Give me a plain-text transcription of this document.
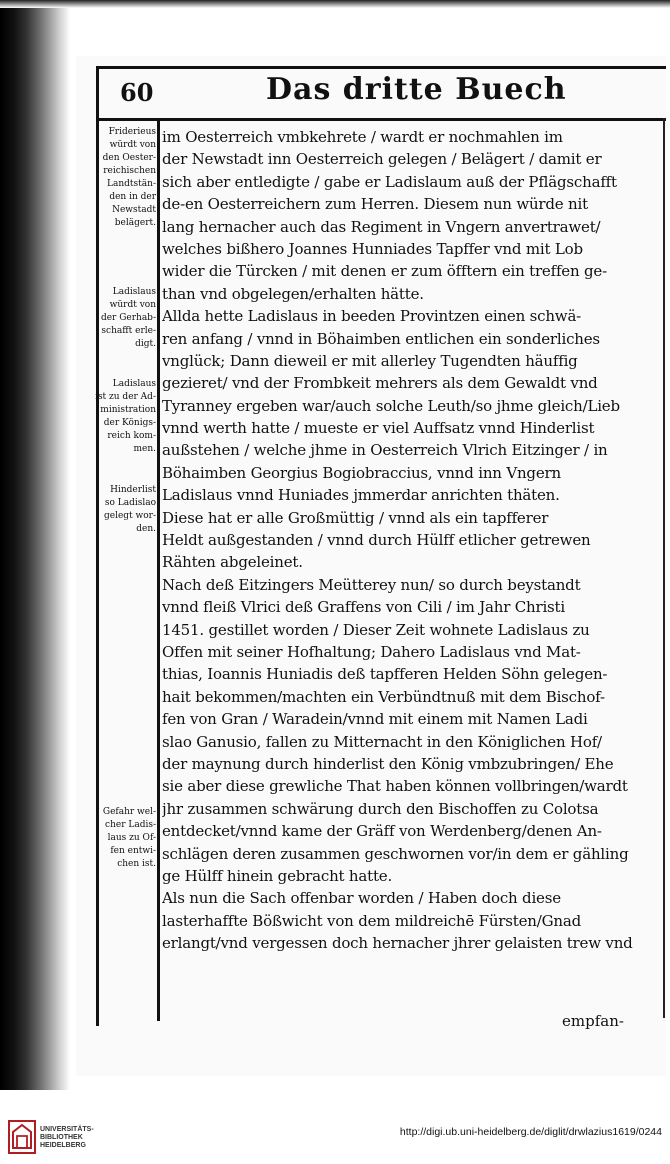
60	Das dritte Buech
Friderieus
würdt von
den Oester-
reichischen
Landtstän-
den in der
Newstadt
belägert.
Ladislaus
würdt von
der Gerhab-
schafft erle-
digt.
Ladislaus
ist zu der Ad-
ministration
der Königs-
reich kom-
men.
Hinderlist
so Ladislao
gelegt wor-
den.
Gefahr wel-
cher Ladis-
laus zu Of-
fen entwi-
chen ist.
im Oesterreich vmbkehrete / wardt er nochmahlen im
der Newstadt inn Oesterreich gelegen / Belägert / damit er
sich aber entledigte / gabe er Ladislaum auß der Pflägschafft
de-en Oesterreichern zum Herren. Diesem nun würde nit
lang hernacher auch das Regiment in Vngern anvertrawet/
welches bißhero Joannes Hunniades Tapffer vnd mit Lob
wider die Türcken / mit denen er zum öfftern ein treffen ge-
than vnd obgelegen/erhalten hätte.
Allda hette Ladislaus in beeden Provintzen einen schwä-
ren anfang / vnnd in Böhaimben entlichen ein sonderliches
vnglück; Dann dieweil er mit allerley Tugendten häuffig
gezieret/ vnd der Frombkeit mehrers als dem Gewaldt vnd
Tyranney ergeben war/auch solche Leuth/so jhme gleich/Lieb
vnnd werth hatte / mueste er viel Auffsatz vnnd Hinderlist
außstehen / welche jhme in Oesterreich Vlrich Eitzinger / in
Böhaimben Georgius Bogiobraccius, vnnd inn Vngern
Ladislaus vnnd Huniades jmmerdar anrichten thäten.
Diese hat er alle Großmüttig / vnnd als ein tapfferer
Heldt außgestanden / vnnd durch Hülff etlicher getrewen
Rähten abgeleinet.
Nach deß Eitzingers Meütterey nun/ so durch beystandt
vnnd fleiß Vlrici deß Graffens von Cili / im Jahr Christi
1451. gestillet worden / Dieser Zeit wohnete Ladislaus zu
Offen mit seiner Hofhaltung; Dahero Ladislaus vnd Mat-
thias, Ioannis Huniadis deß tapfferen Helden Söhn gelegen-
hait bekommen/machten ein Verbündtnuß mit dem Bischof-
fen von Gran / Waradein/vnnd mit einem mit Namen Ladi
slao Ganusio, fallen zu Mitternacht in den Königlichen Hof/
der maynung durch hinderlist den König vmbzubringen/ Ehe
sie aber diese grewliche That haben können vollbringen/wardt
jhr zusammen schwärung durch den Bischoffen zu Colotsa
entdecket/vnnd kame der Gräff von Werdenberg/denen An-
schlägen deren zusammen geschwornen vor/in dem er gähling
ge Hülff hinein gebracht hatte.
Als nun die Sach offenbar worden / Haben doch diese
lasterhaffte Bößwicht von dem mildreichē Fürsten/Gnad
erlangt/vnd vergessen doch hernacher jhrer gelaisten trew vnd
empfan-
UNIVERSITÄTS-
BIBLIOTHEK
HEIDELBERG
http://digi.ub.uni-heidelberg.de/diglit/drwlazius1619/0244
